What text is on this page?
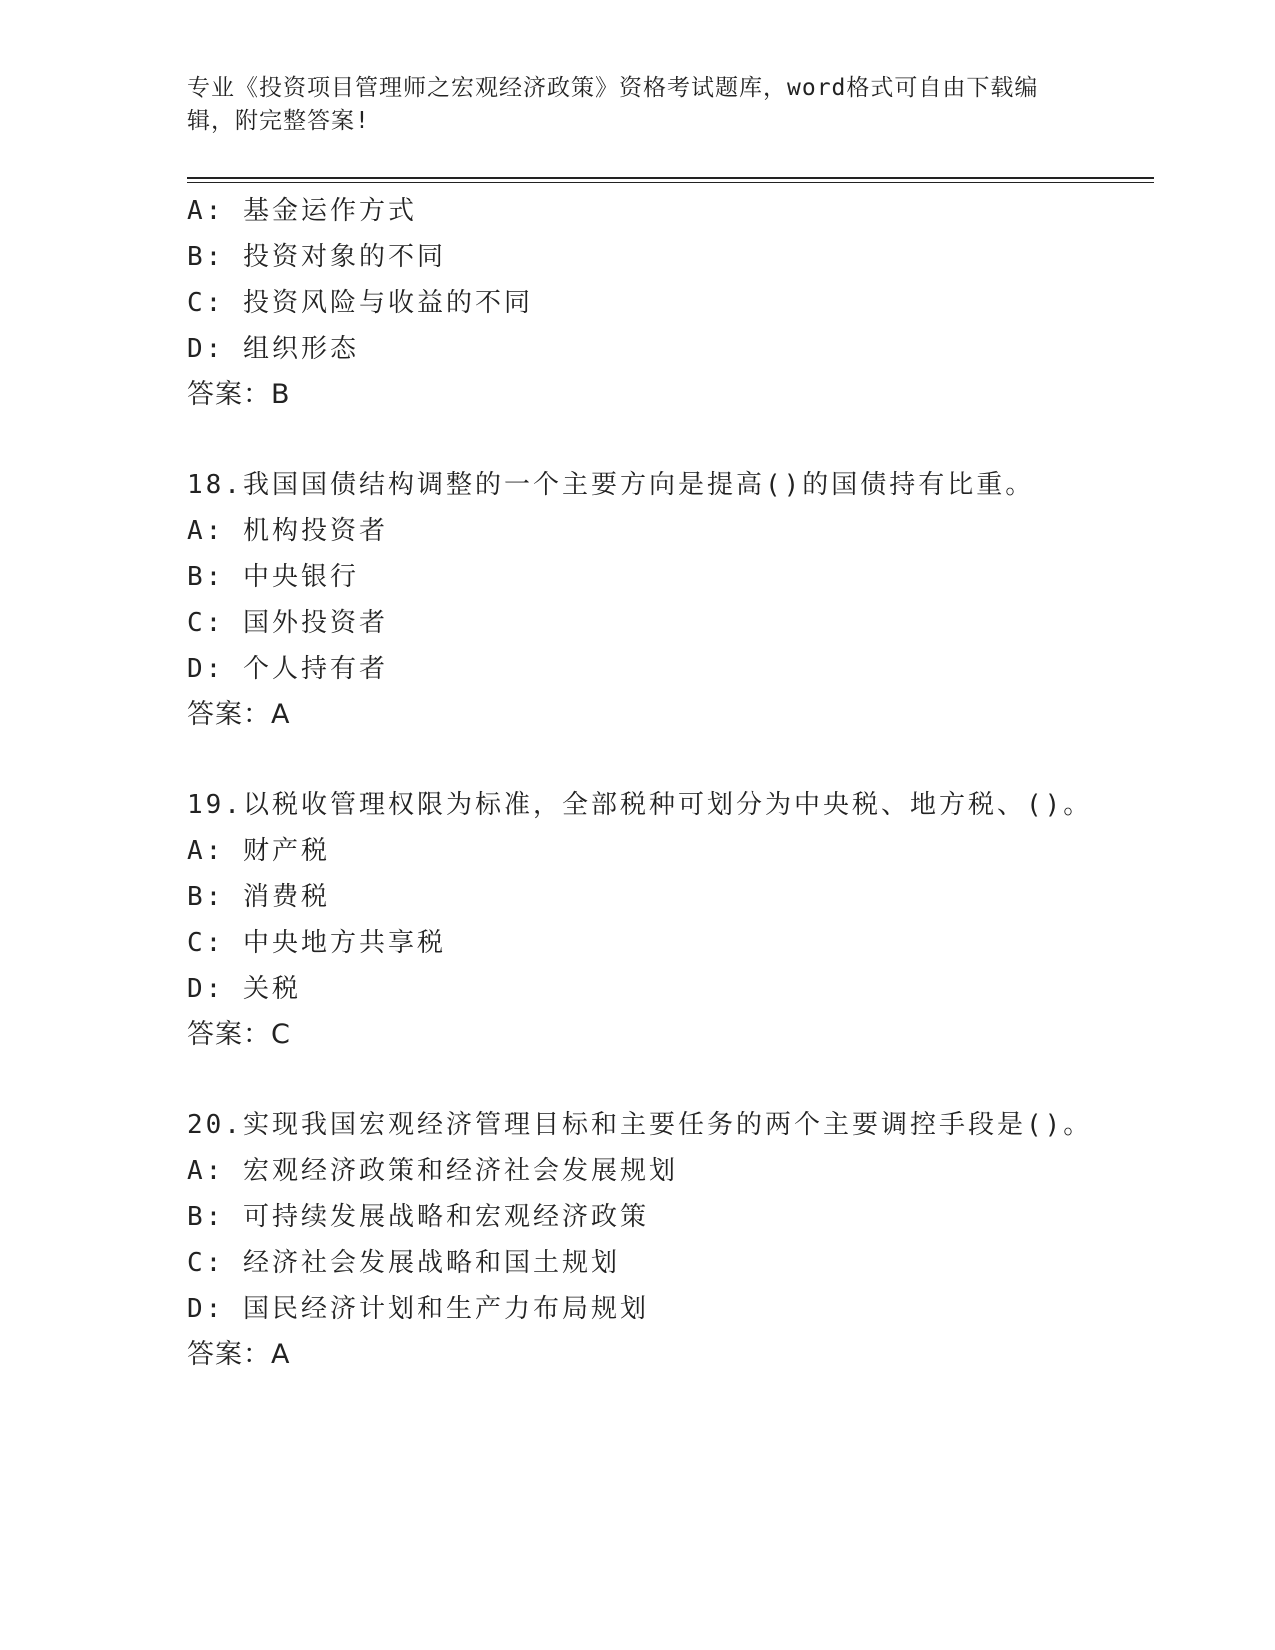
专业《投资项目管理师之宏观经济政策》资格考试题库，word格式可自由下载编辑，附完整答案!
A: 基金运作方式
B: 投资对象的不同
C: 投资风险与收益的不同
D: 组织形态
答案：B
18.我国国债结构调整的一个主要方向是提高()的国债持有比重。
A: 机构投资者
B: 中央银行
C: 国外投资者
D: 个人持有者
答案：A
19.以税收管理权限为标准，全部税种可划分为中央税、地方税、()。
A: 财产税
B: 消费税
C: 中央地方共享税
D: 关税
答案：C
20.实现我国宏观经济管理目标和主要任务的两个主要调控手段是()。
A: 宏观经济政策和经济社会发展规划
B: 可持续发展战略和宏观经济政策
C: 经济社会发展战略和国土规划
D: 国民经济计划和生产力布局规划
答案：A
